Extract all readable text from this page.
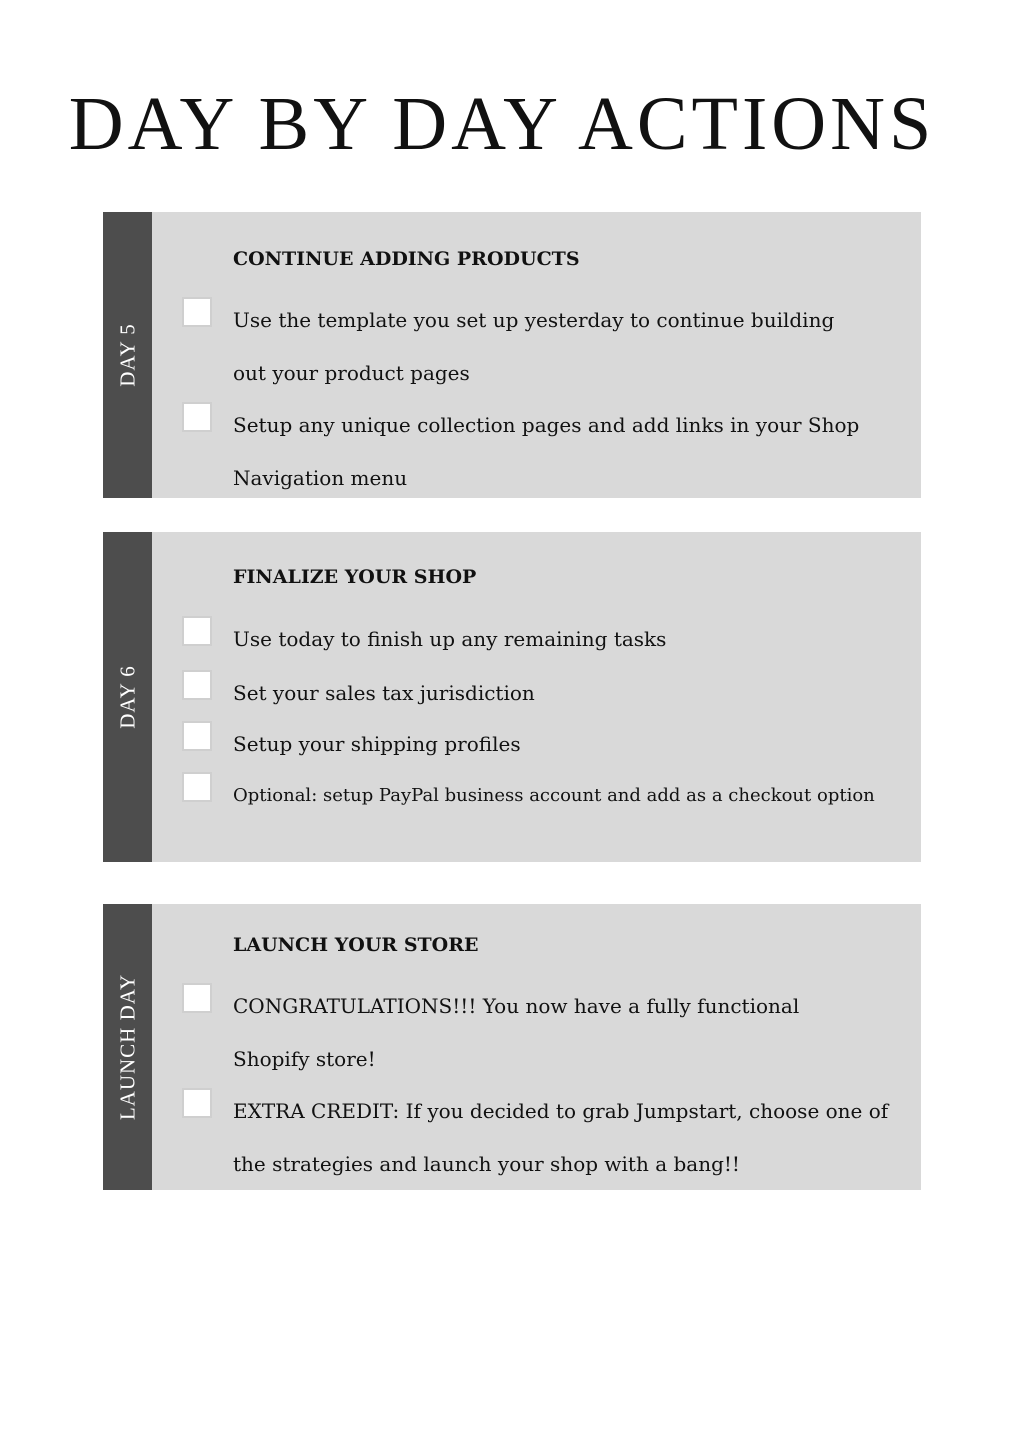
DAY BY DAY ACTIONS
DAY 5
CONTINUE ADDING PRODUCTS
Use the template you set up yesterday to continue building out your product pages
Setup any unique collection pages and add links in your Shop Navigation menu
DAY 6
FINALIZE YOUR SHOP
Use today to finish up any remaining tasks
Set your sales tax jurisdiction
Setup your shipping profiles
Optional: setup PayPal business account and add as a checkout option
LAUNCH DAY
LAUNCH YOUR STORE
CONGRATULATIONS!!! You now have a fully functional Shopify store!
EXTRA CREDIT: If you decided to grab Jumpstart, choose one of the strategies and launch your shop with a bang!!
